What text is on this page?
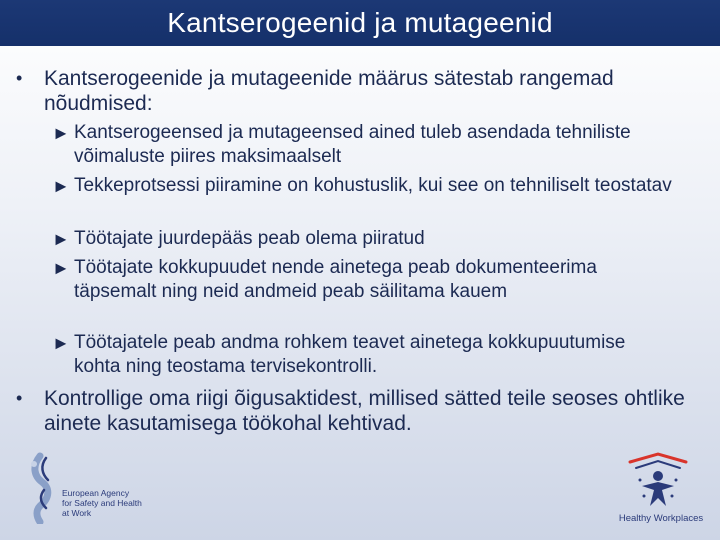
Kantserogeenid ja mutageenid
• Kantserogeenide ja mutageenide määrus sätestab rangemad nõudmised:
► Kantserogeensed ja mutageensed ained tuleb asendada tehniliste võimaluste piires maksimaalselt
► Tekkeprotsessi piiramine on kohustuslik, kui see on tehniliselt teostatav
► Töötajate juurdepääs peab olema piiratud
► Töötajate kokkupuudet nende ainetega peab dokumenteerima täpsemalt ning neid andmeid peab säilitama kauem
► Töötajatele peab andma rohkem teavet ainetega kokkupuutumise kohta ning teostama tervisekontrolli.
• Kontrollige oma riigi õigusaktidest, millised sätted teile seoses ohtlike ainete kasutamisega töökohal kehtivad.
European Agency
for Safety and Health
at Work	Healthy Workplaces
